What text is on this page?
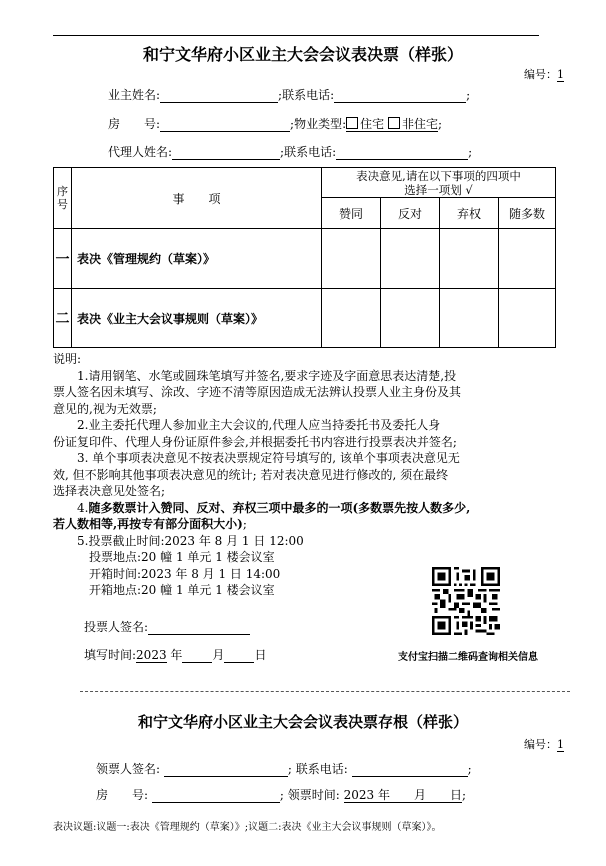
和宁文华府小区业主大会会议表决票（样张）
编号：1
业主姓名:	;联系电话:	;
房　　号:	;物业类型: 住宅 非住宅;
代理人姓名:	;联系电话:	;
序号	事　　项	表决意见,请在以下事项的四项中
选择一项划 √			

		赞同	反对	弃权	随多数
一	表决《管理规约（草案）》				
二	表决《业主大会议事规则（草案）》				
说明:
1.请用钢笔、水笔或圆珠笔填写并签名,要求字迹及字面意思表达清楚,投
票人签名因未填写、涂改、字迹不清等原因造成无法辨认投票人业主身份及其
意见的,视为无效票;
2.业主委托代理人参加业主大会议的,代理人应当持委托书及委托人身
份证复印件、代理人身份证原件参会,并根据委托书内容进行投票表决并签名;
3. 单个事项表决意见不按表决票规定符号填写的, 该单个事项表决意见无
效, 但不影响其他事项表决意见的统计; 若对表决意见进行修改的, 须在最终
选择表决意见处签名;
4.随多数票计入赞同、反对、弃权三项中最多的一项(多数票先按人数多少,
若人数相等,再按专有部分面积大小);
5.投票截止时间:2023 年 8 月 1 日 12:00
投票地点:20 幢 1 单元 1 楼会议室
开箱时间:2023 年 8 月 1 日 14:00
开箱地点:20 幢 1 单元 1 楼会议室
投票人签名:
填写时间:2023 年	月	日	支付宝扫描二维码查询相关信息
和宁文华府小区业主大会会议表决票存根（样张）
编号：1
领票人签名:	; 联系电话:	;
房　　号:	; 领票时间: 2023 年　　月　　日;
表决议题:议题一:表决《管理规约（草案）》;议题二:表决《业主大会议事规则（草案）》。
